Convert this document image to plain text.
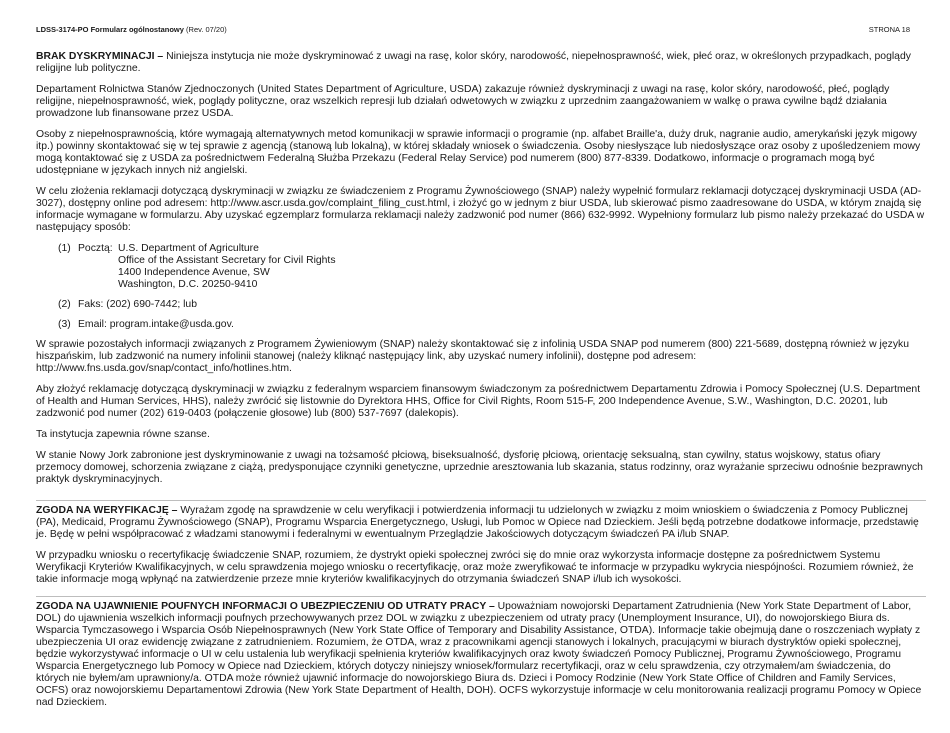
LDSS-3174-PO Formularz ogólnostanowy (Rev. 07/20)	STRONA 18

BRAK DYSKRYMINACJI – Niniejsza instytucja nie może dyskryminować z uwagi na rasę, kolor skóry, narodowość, niepełnosprawność, wiek, płeć oraz, w określonych przypadkach, poglądy religijne lub polityczne.

Departament Rolnictwa Stanów Zjednoczonych (United States Department of Agriculture, USDA) zakazuje również dyskryminacji z uwagi na rasę, kolor skóry, narodowość, płeć, poglądy religijne, niepełnosprawność, wiek, poglądy polityczne, oraz wszelkich represji lub działań odwetowych w związku z uprzednim zaangażowaniem w walkę o prawa cywilne bądź działania prowadzone lub finansowane przez USDA.

Osoby z niepełnosprawnością, które wymagają alternatywnych metod komunikacji w sprawie informacji o programie (np. alfabet Braille'a, duży druk, nagranie audio, amerykański język migowy itp.) powinny skontaktować się w tej sprawie z agencją (stanową lub lokalną), w której składały wniosek o świadczenia. Osoby niesłyszące lub niedosłyszące oraz osoby z upośledzeniem mowy mogą kontaktować się z USDA za pośrednictwem Federalną Służba Przekazu (Federal Relay Service) pod numerem (800) 877-8339. Dodatkowo, informacje o programach mogą być udostępniane w językach innych niż angielski.

W celu złożenia reklamacji dotyczącą dyskryminacji w związku ze świadczeniem z Programu Żywnościowego (SNAP) należy wypełnić formularz reklamacji dotyczącej dyskryminacji USDA (AD-3027), dostępny online pod adresem: http://www.ascr.usda.gov/complaint_filing_cust.html, i złożyć go w jednym z biur USDA, lub skierować pismo zaadresowane do USDA, w którym znajdą się informacje wymagane w formularzu. Aby uzyskać egzemplarz formularza reklamacji należy zadzwonić pod numer (866) 632-9992. Wypełniony formularz lub pismo należy przekazać do USDA w następujący sposób:

(1) Pocztą: U.S. Department of Agriculture
Office of the Assistant Secretary for Civil Rights
1400 Independence Avenue, SW
Washington, D.C. 20250-9410
(2) Faks: (202) 690-7442; lub
(3) Email: program.intake@usda.gov.

W sprawie pozostałych informacji związanych z Programem Żywieniowym (SNAP) należy skontaktować się z infolinią USDA SNAP pod numerem (800) 221-5689, dostępną również w języku hiszpańskim, lub zadzwonić na numery infolinii stanowej (należy kliknąć następujący link, aby uzyskać numery infolinii), dostępne pod adresem: http://www.fns.usda.gov/snap/contact_info/hotlines.htm.

Aby złożyć reklamację dotyczącą dyskryminacji w związku z federalnym wsparciem finansowym świadczonym za pośrednictwem Departamentu Zdrowia i Pomocy Społecznej (U.S. Department of Health and Human Services, HHS), należy zwrócić się listownie do Dyrektora HHS, Office for Civil Rights, Room 515-F, 200 Independence Avenue, S.W., Washington, D.C. 20201, lub zadzwonić pod numer (202) 619-0403 (połączenie głosowe) lub (800) 537-7697 (dalekopis).

Ta instytucja zapewnia równe szanse.

W stanie Nowy Jork zabronione jest dyskryminowanie z uwagi na tożsamość płciową, biseksualność, dysforię płciową, orientację seksualną, stan cywilny, status wojskowy, status ofiary przemocy domowej, schorzenia związane z ciążą, predysponujące czynniki genetyczne, uprzednie aresztowania lub skazania, status rodzinny, oraz wyrażanie sprzeciwu odnośnie bezprawnych praktyk dyskryminacyjnych.

ZGODA NA WERYFIKACJĘ – Wyrażam zgodę na sprawdzenie w celu weryfikacji i potwierdzenia informacji tu udzielonych w związku z moim wnioskiem o świadczenia z Pomocy Publicznej (PA), Medicaid, Programu Żywnościowego (SNAP), Programu Wsparcia Energetycznego, Usługi, lub Pomoc w Opiece nad Dzieckiem. Jeśli będą potrzebne dodatkowe informacje, przedstawię je. Będę w pełni współpracować z władzami stanowymi i federalnymi w ewentualnym Przeglądzie Jakościowych dotyczącym świadczeń PA i/lub SNAP.

W przypadku wniosku o recertyfikację świadczenie SNAP, rozumiem, że dystrykt opieki społecznej zwróci się do mnie oraz wykorzysta informacje dostępne za pośrednictwem Systemu Weryfikacji Kryteriów Kwalifikacyjnych, w celu sprawdzenia mojego wniosku o recertyfikację, oraz może zweryfikować te informacje w przypadku wykrycia niespójności. Rozumiem również, że takie informacje mogą wpłynąć na zatwierdzenie przeze mnie kryteriów kwalifikacyjnych do otrzymania świadczeń SNAP i/lub ich wysokości.

ZGODA NA UJAWNIENIE POUFNYCH INFORMACJI O UBEZPIECZENIU OD UTRATY PRACY – Upoważniam nowojorski Departament Zatrudnienia (New York State Department of Labor, DOL) do ujawnienia wszelkich informacji poufnych przechowywanych przez DOL w związku z ubezpieczeniem od utraty pracy (Unemployment Insurance, UI), do nowojorskiego Biura ds. Wsparcia Tymczasowego i Wsparcia Osób Niepełnosprawnych (New York State Office of Temporary and Disability Assistance, OTDA). Informacje takie obejmują dane o roszczeniach wypłaty z ubezpieczenia UI oraz ewidencję związane z zatrudnieniem. Rozumiem, że OTDA, wraz z pracownikami agencji stanowych i lokalnych, pracującymi w biurach dystryktów opieki społecznej, będzie wykorzystywać informacje o UI w celu ustalenia lub weryfikacji spełnienia kryteriów kwalifikacyjnych oraz kwoty świadczeń Pomocy Publicznej, Programu Żywnościowego, Programu Wsparcia Energetycznego lub Pomocy w Opiece nad Dzieckiem, których dotyczy niniejszy wniosek/formularz recertyfikacji, oraz w celu sprawdzenia, czy otrzymałem/am świadczenia, do których nie byłem/am uprawniony/a. OTDA może również ujawnić informacje do nowojorskiego Biura ds. Dzieci i Pomocy Rodzinie (New York State Office of Children and Family Services, OCFS) oraz nowojorskiemu Departamentowi Zdrowia (New York State Department of Health, DOH). OCFS wykorzystuje informacje w celu monitorowania realizacji programu Pomocy w Opiece nad Dzieckiem.
